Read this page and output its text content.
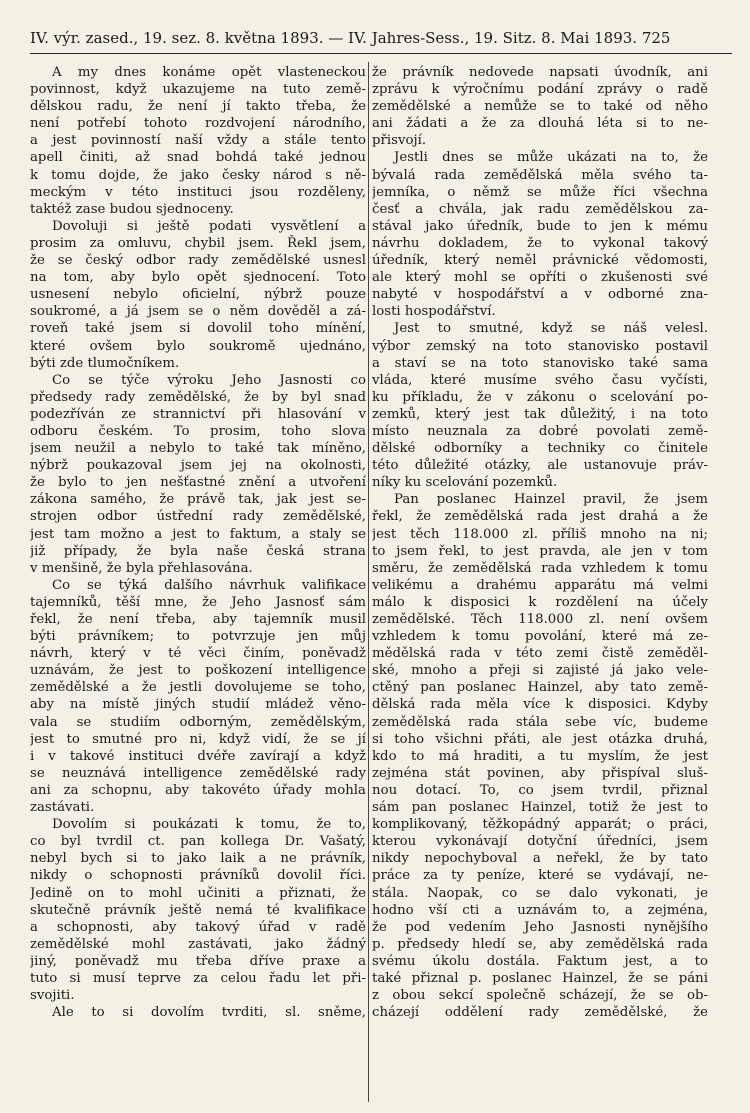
IV. výr. zased., 19. sez. 8. května 1893. — IV. Jahres-Sess., 19. Sitz. 8. Mai 1893. 725
A my dnes konáme opět vlasteneckou
povinnost, když ukazujeme na tuto země-
dělskou radu, že není jí takto třeba, že
není potřebí tohoto rozdvojení národního,
a jest povinností naší vždy a stále tento
apell činiti, až snad bohdá také jednou
k tomu dojde, že jako česky národ s ně-
meckým v této instituci jsou rozděleny,
taktéž zase budou sjednoceny.
Dovoluji si ještě podati vysvětlení a
prosim za omluvu, chybil jsem. Řekl jsem,
že se český odbor rady zemědělské usnesl
na tom, aby bylo opět sjednocení. Toto
usnesení nebylo oficielní, nýbrž pouze
soukromé, a já jsem se o něm dověděl a zá-
roveň také jsem si dovolil toho mínění,
které ovšem bylo soukromě ujednáno,
býti zde tlumočníkem.
Co se týče výroku Jeho Jasnosti co
předsedy rady zemědělské, že by byl snad
podezříván ze strannictví při hlasování v
odboru českém. To prosim, toho slova
jsem neužil a nebylo to také tak míněno,
nýbrž poukazoval jsem jej na okolnosti,
že bylo to jen nešťastné znění a utvoření
zákona samého, že právě tak, jak jest se-
strojen odbor ústřední rady zemědělské,
jest tam možno a jest to faktum, a staly se
již případy, že byla naše česká strana
v menšině, že byla přehlasována.
Co se týká dalšího návrhuk valifikace
tajemníků, těší mne, že Jeho Jasnosť sám
řekl, že není třeba, aby tajemník musil
býti právníkem; to potvrzuje jen můj
návrh, který v té věci činím, poněvadž
uznávám, že jest to poškození intelligence
zemědělské a že jestli dovolujeme se toho,
aby na místě jiných studií mládež věno-
vala se studiím odborným, zemědělským,
jest to smutné pro ni, když vidí, že se jí
i v takové instituci dvéře zavírají a když
se neuznává intelligence zemědělské rady
ani za schopnu, aby takovéto úřady mohla
zastávati.
Dovolím si poukázati k tomu, že to,
co byl tvrdil ct. pan kollega Dr. Vašatý,
nebyl bych si to jako laik a ne právník,
nikdy o schopnosti právníků dovolil říci.
Jedině on to mohl učiniti a přiznati, že
skutečně právník ještě nemá té kvalifikace
a schopnosti, aby takový úřad v radě
zemědělské mohl zastávati, jako žádný
jiný, poněvadž mu třeba dříve praxe a
tuto si musí teprve za celou řadu let při-
svojiti.
Ale to si dovolím tvrditi, sl. sněme,
že právník nedovede napsati úvodník, ani
zprávu k výročnímu podání zprávy o radě
zemědělské a nemůže se to také od něho
ani žádati a že za dlouhá léta si to ne-
přisvojí.
Jestli dnes se může ukázati na to, že
bývalá rada zemědělská měla svého ta-
jemníka, o němž se může říci všechna
česť a chvála, jak radu zemědělskou za-
stával jako úředník, bude to jen k mému
návrhu dokladem, že to vykonal takový
úředník, který neměl právnické vědomosti,
ale který mohl se opříti o zkušenosti své
nabyté v hospodářství a v odborné zna-
losti hospodářství.
Jest to smutné, když se náš velesl.
výbor zemský na toto stanovisko postavil
a staví se na toto stanovisko také sama
vláda, které musíme svého času vyčísti,
ku příkladu, že v zákonu o scelování po-
zemků, který jest tak důležitý, i na toto
místo neuznala za dobré povolati země-
dělské odborníky a techniky co činitele
této důležité otázky, ale ustanovuje práv-
níky ku scelování pozemků.
Pan poslanec Hainzel pravil, že jsem
řekl, že zemědělská rada jest drahá a že
jest těch 118.000 zl. příliš mnoho na ni;
to jsem řekl, to jest pravda, ale jen v tom
směru, že zemědělská rada vzhledem k tomu
velikému a drahému apparátu má velmi
málo k disposici k rozdělení na účely
zemědělské. Těch 118.000 zl. není ovšem
vzhledem k tomu povolání, které má ze-
mědělská rada v této zemi čistě zeměděl-
ské, mnoho a přeji si zajisté já jako vele-
ctěný pan poslanec Hainzel, aby tato země-
dělská rada měla více k disposici. Kdyby
zemědělská rada stála sebe víc, budeme
si toho všichni přáti, ale jest otázka druhá,
kdo to má hraditi, a tu myslím, že jest
zejména stát povinen, aby přispíval sluš-
nou dotací. To, co jsem tvrdil, přiznal
sám pan poslanec Hainzel, totiž že jest to
komplikovaný, těžkopádný apparát; o práci,
kterou vykonávají dotyční úředníci, jsem
nikdy nepochyboval a neřekl, že by tato
práce za ty peníze, které se vydávají, ne-
stála. Naopak, co se dalo vykonati, je
hodno vší cti a uznávám to, a zejména,
že pod vedením Jeho Jasnosti nynějšího
p. předsedy hledí se, aby zemědělská rada
svému úkolu dostála. Faktum jest, a to
také přiznal p. poslanec Hainzel, že se páni
z obou sekcí společně scházejí, že se ob-
cházejí oddělení rady zemědělské, že
